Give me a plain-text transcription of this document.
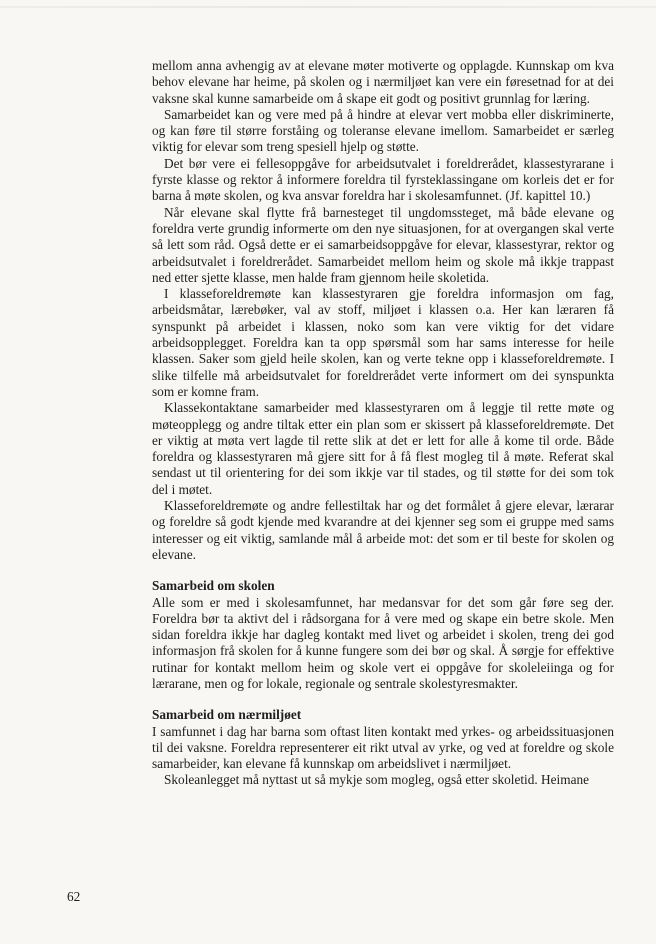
mellom anna avhengig av at elevane møter motiverte og opplagde. Kunnskap om kva behov elevane har heime, på skolen og i nærmiljøet kan vere ein føresetnad for at dei vaksne skal kunne samarbeide om å skape eit godt og positivt grunnlag for læring.

Samarbeidet kan og vere med på å hindre at elevar vert mobba eller diskriminerte, og kan føre til større forståing og toleranse elevane imellom. Samarbeidet er særleg viktig for elevar som treng spesiell hjelp og støtte.

Det bør vere ei fellesoppgåve for arbeidsutvalet i foreldrerådet, klassestyrarane i fyrste klasse og rektor å informere foreldra til fyrsteklassingane om korleis det er for barna å møte skolen, og kva ansvar foreldra har i skolesamfunnet. (Jf. kapittel 10.)

Når elevane skal flytte frå barnesteget til ungdomssteget, må både elevane og foreldra verte grundig informerte om den nye situasjonen, for at overgangen skal verte så lett som råd. Også dette er ei samarbeidsoppgåve for elevar, klassestyrar, rektor og arbeidsutvalet i foreldrerådet. Samarbeidet mellom heim og skole må ikkje trappast ned etter sjette klasse, men halde fram gjennom heile skoletida.

I klasseforeldremøte kan klassestyraren gje foreldra informasjon om fag, arbeidsmåtar, lærebøker, val av stoff, miljøet i klassen o.a. Her kan læraren få synspunkt på arbeidet i klassen, noko som kan vere viktig for det vidare arbeidsopplegget. Foreldra kan ta opp spørsmål som har sams interesse for heile klassen. Saker som gjeld heile skolen, kan og verte tekne opp i klasseforeldremøte. I slike tilfelle må arbeidsutvalet for foreldrerådet verte informert om dei synspunkta som er komne fram.

Klassekontaktane samarbeider med klassestyraren om å leggje til rette møte og møteopplegg og andre tiltak etter ein plan som er skissert på klasseforeldremøte. Det er viktig at møta vert lagde til rette slik at det er lett for alle å kome til orde. Både foreldra og klassestyraren må gjere sitt for å få flest mogleg til å møte. Referat skal sendast ut til orientering for dei som ikkje var til stades, og til støtte for dei som tok del i møtet.

Klasseforeldremøte og andre fellestiltak har og det formålet å gjere elevar, lærarar og foreldre så godt kjende med kvarandre at dei kjenner seg som ei gruppe med sams interesser og eit viktig, samlande mål å arbeide mot: det som er til beste for skolen og elevane.

Samarbeid om skolen

Alle som er med i skolesamfunnet, har medansvar for det som går føre seg der. Foreldra bør ta aktivt del i rådsorgana for å vere med og skape ein betre skole. Men sidan foreldra ikkje har dagleg kontakt med livet og arbeidet i skolen, treng dei god informasjon frå skolen for å kunne fungere som dei bør og skal. Å sørgje for effektive rutinar for kontakt mellom heim og skole vert ei oppgåve for skoleleiinga og for lærarane, men og for lokale, regionale og sentrale skolestyresmakter.

Samarbeid om nærmiljøet

I samfunnet i dag har barna som oftast liten kontakt med yrkes- og arbeidssituasjonen til dei vaksne. Foreldra representerer eit rikt utval av yrke, og ved at foreldre og skole samarbeider, kan elevane få kunnskap om arbeidslivet i nærmiljøet.

Skoleanlegget må nyttast ut så mykje som mogleg, også etter skoletid. Heimane

62
